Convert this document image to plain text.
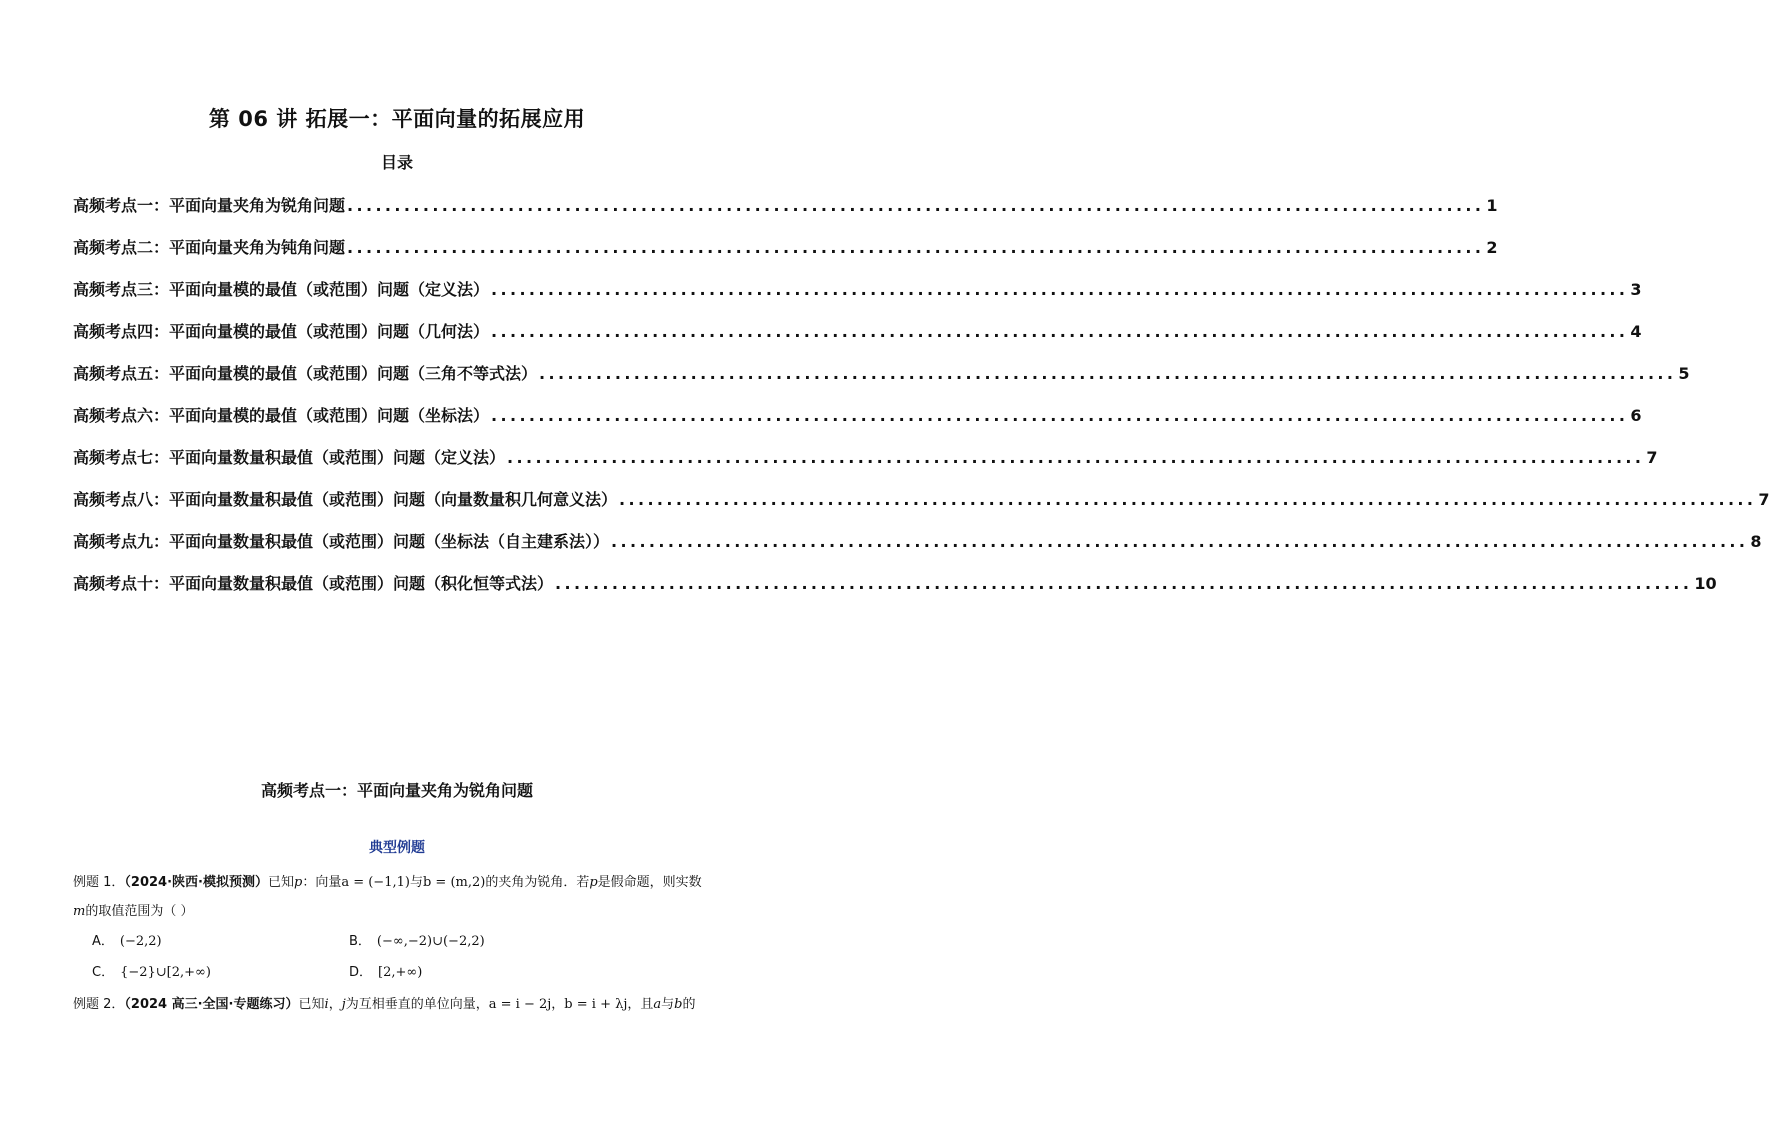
第 06 讲 拓展一：平面向量的拓展应用
目录
高频考点一：平面向量夹角为锐角问题 ........................................................................................................................ 1
高频考点二：平面向量夹角为钝角问题 ........................................................................................................................ 2
高频考点三：平面向量模的最值（或范围）问题（定义法） ........................................................................................................................ 3
高频考点四：平面向量模的最值（或范围）问题（几何法） ........................................................................................................................ 4
高频考点五：平面向量模的最值（或范围）问题（三角不等式法） ........................................................................................................................ 5
高频考点六：平面向量模的最值（或范围）问题（坐标法） ........................................................................................................................ 6
高频考点七：平面向量数量积最值（或范围）问题（定义法） ........................................................................................................................ 7
高频考点八：平面向量数量积最值（或范围）问题（向量数量积几何意义法） ........................................................................................................................ 7
高频考点九：平面向量数量积最值（或范围）问题（坐标法（自主建系法）） ........................................................................................................................ 8
高频考点十：平面向量数量积最值（或范围）问题（积化恒等式法） ........................................................................................................................ 10
高频考点一：平面向量夹角为锐角问题
典型例题
例题 1．（2024·陕西·模拟预测）已知p：向量a = (−1,1)与b = (m,2)的夹角为锐角．若p是假命题，则实数
m的取值范围为（ ）
A． (−2,2)	B． (−∞,−2)∪(−2,2)
C． {−2}∪[2,+∞)	D． [2,+∞)
例题 2．（2024 高三·全国·专题练习）已知i，j为互相垂直的单位向量，a = i − 2j，b = i + λj，且a与b的
